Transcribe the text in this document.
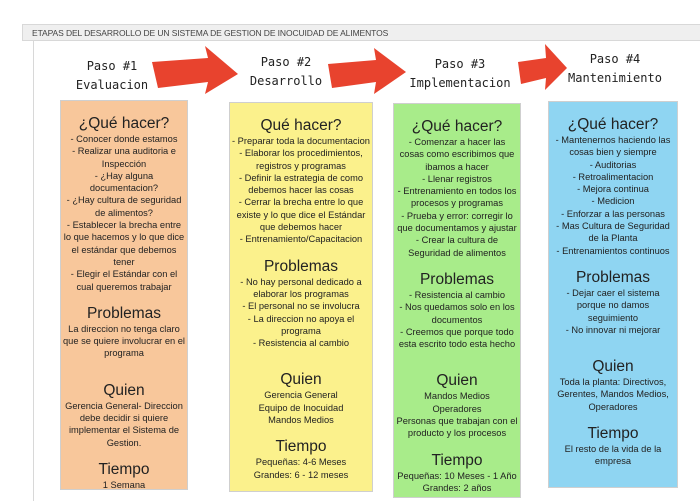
ETAPAS DEL DESARROLLO DE UN SISTEMA DE GESTION DE INOCUIDAD DE ALIMENTOS
Paso #1
Evaluacion
Paso #2
Desarrollo
Paso #3
Implementacion
Paso #4
Mantenimiento
¿Qué hacer?

- Conocer donde estamos

- Realizar una auditoria e Inspección

- ¿Hay alguna documentacion?

- ¿Hay cultura de seguridad de alimentos?

- Establecer la brecha entre lo que hacemos y lo que dice el estándar que debemos tener

- Elegir el Estándar con el cual queremos trabajar

Problemas

La direccion no tenga claro que se quiere involucrar en el programa

Quien

Gerencia General- Direccion debe decidir si quiere implementar el Sistema de Gestion.

Tiempo

1 Semana

Qué hacer?

- Preparar toda la documentacion

- Elaborar los procedimientos, registros y programas

- Definir la estrategia de como debemos hacer las cosas

- Cerrar la brecha entre lo que existe y lo que dice el Estándar que debemos hacer

- Entrenamiento/Capacitacion

Problemas

- No hay personal dedicado a elaborar los programas

- El personal no se involucra

- La direccion no apoya el programa

- Resistencia al cambio

Quien

Gerencia General

Equipo de Inocuidad

Mandos Medios

Tiempo

Pequeñas: 4-6 Meses

Grandes: 6 - 12 meses

¿Qué hacer?

- Comenzar a hacer las cosas como escribimos que ibamos a hacer

- Llenar registros

- Entrenamiento en todos los procesos y programas

- Prueba y error: corregir lo que documentamos y ajustar

- Crear la cultura de Seguridad de alimentos

Problemas

- Resistencia al cambio

- Nos quedamos solo en los documentos

- Creemos que porque todo esta escrito todo esta hecho

Quien

Mandos Medios

Operadores

Personas que trabajan con el producto y los procesos

Tiempo

Pequeñas: 10 Meses - 1 Año

Grandes: 2 años

¿Qué hacer?

- Mantenernos haciendo las cosas bien y siempre

- Auditorias

- Retroalimentacion

- Mejora continua

- Medicion

- Enforzar a las personas

- Mas Cultura de Seguridad de la Planta

- Entrenamientos continuos

Problemas

- Dejar caer el sistema porque no damos seguimiento

- No innovar ni mejorar

Quien

Toda la planta: Directivos, Gerentes, Mandos Medios, Operadores

Tiempo

El resto de la vida de la empresa
